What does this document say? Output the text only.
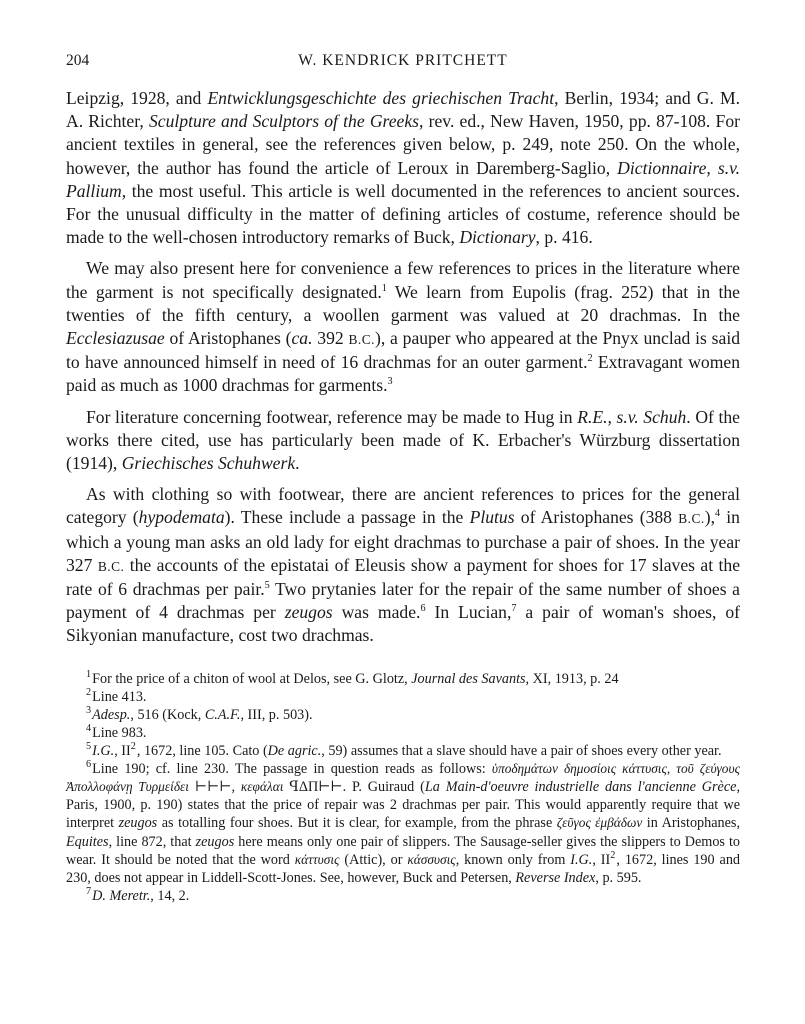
204	W. KENDRICK PRITCHETT

Leipzig, 1928, and Entwicklungsgeschichte des griechischen Tracht, Berlin, 1934; and G. M. A. Richter, Sculpture and Sculptors of the Greeks, rev. ed., New Haven, 1950, pp. 87-108. For ancient textiles in general, see the references given below, p. 249, note 250. On the whole, however, the author has found the article of Leroux in Daremberg-Saglio, Dictionnaire, s.v. Pallium, the most useful. This article is well documented in the references to ancient sources. For the unusual difficulty in the matter of defining articles of costume, reference should be made to the well-chosen introductory remarks of Buck, Dictionary, p. 416.

We may also present here for convenience a few references to prices in the literature where the garment is not specifically designated.$^1$ We learn from Eupolis (frag. 252) that in the twenties of the fifth century, a woollen garment was valued at 20 drachmas. In the Ecclesiazusae of Aristophanes (ca. 392 B.C.), a pauper who appeared at the Pnyx unclad is said to have announced himself in need of 16 drachmas for an outer garment.$^2$ Extravagant women paid as much as 1000 drachmas for garments.$^3$

For literature concerning footwear, reference may be made to Hug in R.E., s.v. Schuh. Of the works there cited, use has particularly been made of K. Erbacher's Würzburg dissertation (1914), Griechisches Schuhwerk.

As with clothing so with footwear, there are ancient references to prices for the general category (hypodemata). These include a passage in the Plutus of Aristophanes (388 B.C.),$^4$ in which a young man asks an old lady for eight drachmas to purchase a pair of shoes. In the year 327 B.C. the accounts of the epistatai of Eleusis show a payment for shoes for 17 slaves at the rate of 6 drachmas per pair.$^5$ Two prytanies later for the repair of the same number of shoes a payment of 4 drachmas per zeugos was made.$^6$ In Lucian,$^7$ a pair of woman's shoes, of Sikyonian manufacture, cost two drachmas.

$^1$For the price of a chiton of wool at Delos, see G. Glotz, Journal des Savants, XI, 1913, p. 24

$^2$Line 413.

$^3$Adesp., 516 (Kock, C.A.F., III, p. 503).

$^4$Line 983.

$^5$I.G., II$^2$, 1672, line 105. Cato (De agric., 59) assumes that a slave should have a pair of shoes every other year.

$^6$Line 190; cf. line 230. The passage in question reads as follows: ὑποδημάτων δημοσίοις κάττυσις, τοῦ ζεύγους Ἀπολλοφάνῃ Τυρμείδει ⊢⊢⊢, κεφάλαι ꟼΔΠ⊢⊢. P. Guiraud (La Main-d'oeuvre industrielle dans l'ancienne Grèce, Paris, 1900, p. 190) states that the price of repair was 2 drachmas per pair. This would apparently require that we interpret zeugos as totalling four shoes. But it is clear, for example, from the phrase ζεῦγος ἐμβάδων in Aristophanes, Equites, line 872, that zeugos here means only one pair of slippers. The Sausage-seller gives the slippers to Demos to wear. It should be noted that the word κάττυσις (Attic), or κάσσυσις, known only from I.G., II$^2$, 1672, lines 190 and 230, does not appear in Liddell-Scott-Jones. See, however, Buck and Petersen, Reverse Index, p. 595.

$^7$D. Meretr., 14, 2.
